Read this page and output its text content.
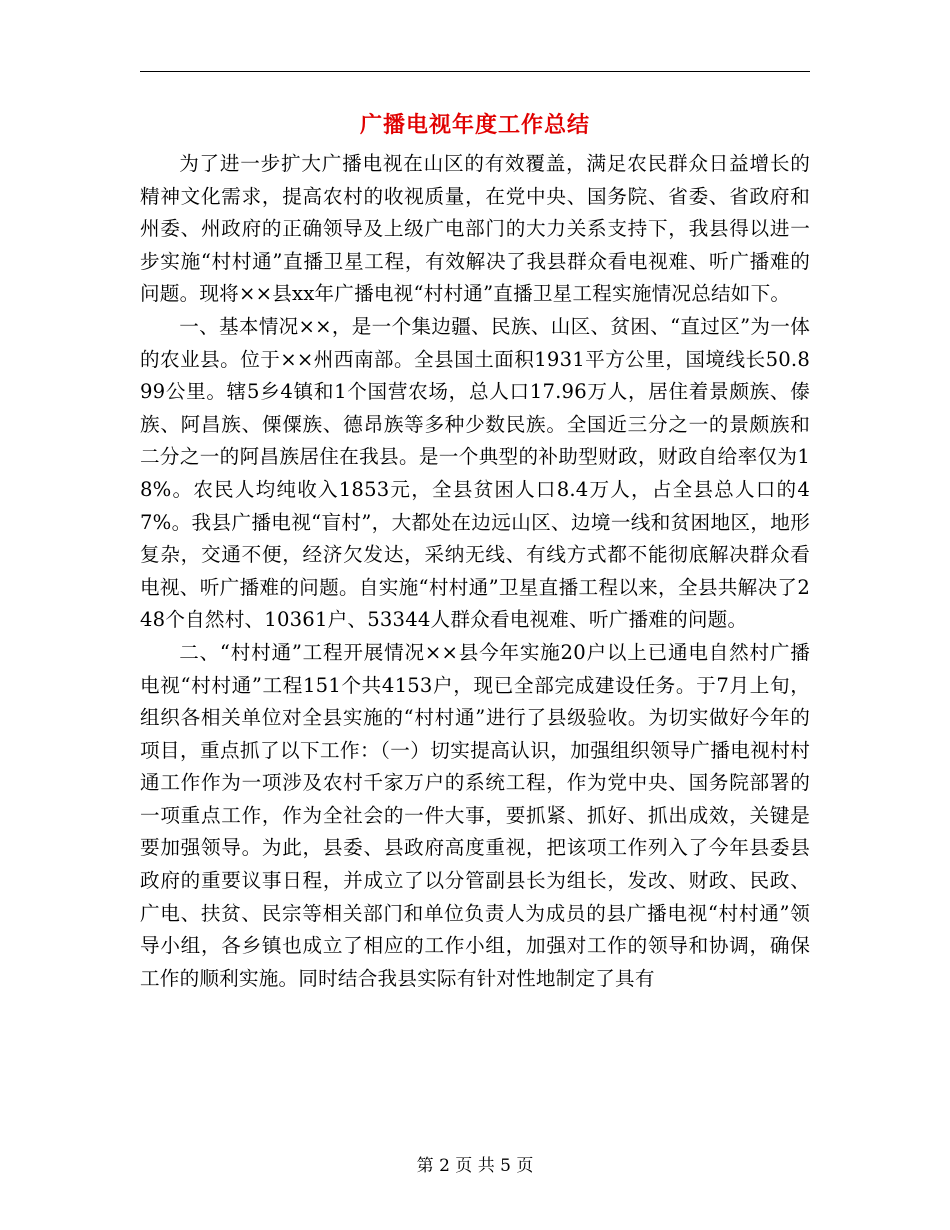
广播电视年度工作总结

为了进一步扩大广播电视在山区的有效覆盖，满足农民群众日益增长的精神文化需求，提高农村的收视质量，在党中央、国务院、省委、省政府和州委、州政府的正确领导及上级广电部门的大力关系支持下，我县得以进一步实施“村村通”直播卫星工程，有效解决了我县群众看电视难、听广播难的问题。现将××县xx年广播电视“村村通”直播卫星工程实施情况总结如下。

一、基本情况××，是一个集边疆、民族、山区、贫困、“直过区”为一体的农业县。位于××州西南部。全县国土面积1931平方公里，国境线长50.899公里。辖5乡4镇和1个国营农场，总人口17.96万人，居住着景颇族、傣族、阿昌族、傈僳族、德昂族等多种少数民族。全国近三分之一的景颇族和二分之一的阿昌族居住在我县。是一个典型的补助型财政，财政自给率仅为18%。农民人均纯收入1853元，全县贫困人口8.4万人，占全县总人口的47%。我县广播电视“盲村”，大都处在边远山区、边境一线和贫困地区，地形复杂，交通不便，经济欠发达，采纳无线、有线方式都不能彻底解决群众看电视、听广播难的问题。自实施“村村通”卫星直播工程以来，全县共解决了248个自然村、10361户、53344人群众看电视难、听广播难的问题。

二、“村村通”工程开展情况××县今年实施20户以上已通电自然村广播电视“村村通”工程151个共4153户，现已全部完成建设任务。于7月上旬，组织各相关单位对全县实施的“村村通”进行了县级验收。为切实做好今年的项目，重点抓了以下工作：（一）切实提高认识，加强组织领导广播电视村村通工作作为一项涉及农村千家万户的系统工程，作为党中央、国务院部署的一项重点工作，作为全社会的一件大事，要抓紧、抓好、抓出成效，关键是要加强领导。为此，县委、县政府高度重视，把该项工作列入了今年县委县政府的重要议事日程，并成立了以分管副县长为组长，发改、财政、民政、广电、扶贫、民宗等相关部门和单位负责人为成员的县广播电视“村村通”领导小组，各乡镇也成立了相应的工作小组，加强对工作的领导和协调，确保工作的顺利实施。同时结合我县实际有针对性地制定了具有

第 2 页 共 5 页
